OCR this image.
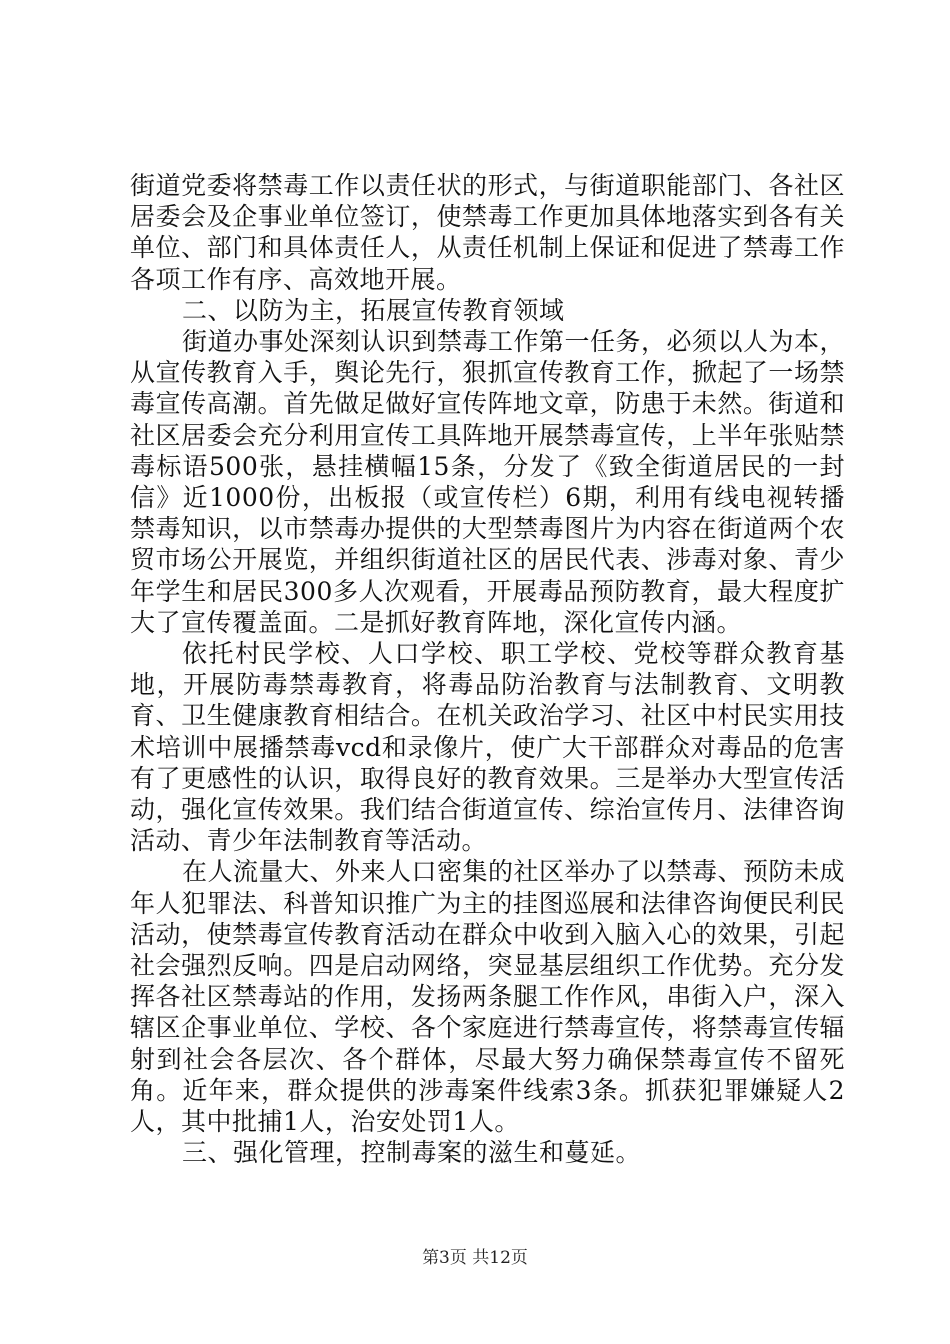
街道党委将禁毒工作以责任状的形式，与街道职能部门、各社区居委会及企事业单位签订，使禁毒工作更加具体地落实到各有关单位、部门和具体责任人，从责任机制上保证和促进了禁毒工作各项工作有序、高效地开展。

二、以防为主，拓展宣传教育领域

街道办事处深刻认识到禁毒工作第一任务，必须以人为本，从宣传教育入手，舆论先行，狠抓宣传教育工作，掀起了一场禁毒宣传高潮。首先做足做好宣传阵地文章，防患于未然。街道和社区居委会充分利用宣传工具阵地开展禁毒宣传，上半年张贴禁毒标语500张，悬挂横幅15条，分发了《致全街道居民的一封信》近1000份，出板报（或宣传栏）6期，利用有线电视转播禁毒知识，以市禁毒办提供的大型禁毒图片为内容在街道两个农贸市场公开展览，并组织街道社区的居民代表、涉毒对象、青少年学生和居民300多人次观看，开展毒品预防教育，最大程度扩大了宣传覆盖面。二是抓好教育阵地，深化宣传内涵。

依托村民学校、人口学校、职工学校、党校等群众教育基地，开展防毒禁毒教育，将毒品防治教育与法制教育、文明教育、卫生健康教育相结合。在机关政治学习、社区中村民实用技术培训中展播禁毒vcd和录像片，使广大干部群众对毒品的危害有了更感性的认识，取得良好的教育效果。三是举办大型宣传活动，强化宣传效果。我们结合街道宣传、综治宣传月、法律咨询活动、青少年法制教育等活动。

在人流量大、外来人口密集的社区举办了以禁毒、预防未成年人犯罪法、科普知识推广为主的挂图巡展和法律咨询便民利民活动，使禁毒宣传教育活动在群众中收到入脑入心的效果，引起社会强烈反响。四是启动网络，突显基层组织工作优势。充分发挥各社区禁毒站的作用，发扬两条腿工作作风，串街入户，深入辖区企事业单位、学校、各个家庭进行禁毒宣传，将禁毒宣传辐射到社会各层次、各个群体，尽最大努力确保禁毒宣传不留死角。近年来，群众提供的涉毒案件线索3条。抓获犯罪嫌疑人2人，其中批捕1人，治安处罚1人。

三、强化管理，控制毒案的滋生和蔓延。

第3页 共12页
